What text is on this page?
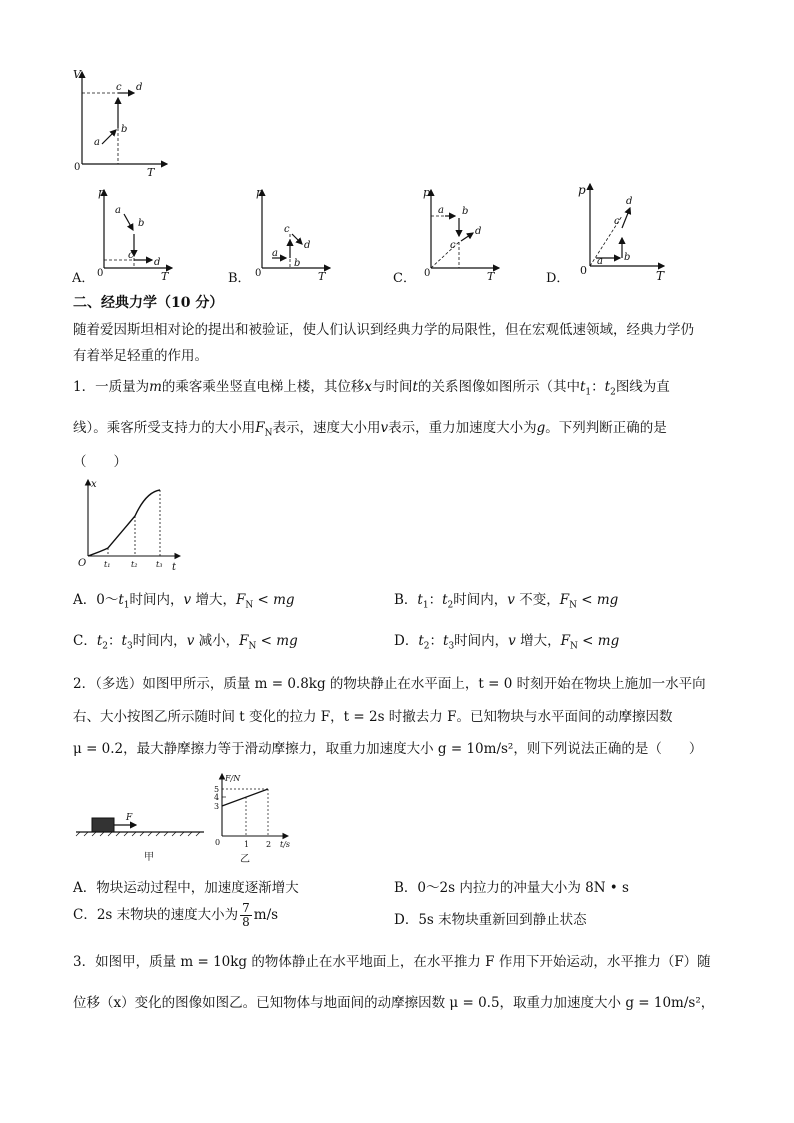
V
T
0
a
b
c d
A．
p
T
0
a
b
c
d
B．
p
T
0
a
b
c
d
C．
p
T
0
a b
c
d
D．
p
T
0
a b
c
d
二、经典力学（10 分）
随着爱因斯坦相对论的提出和被验证，使人们认识到经典力学的局限性，但在宏观低速领域，经典力学仍
有着举足轻重的作用。
1．一质量为m的乘客乘坐竖直电梯上楼，其位移x与时间t的关系图像如图所示（其中$t_1$：$t_2$图线为直
线）。乘客所受支持力的大小用$F_N$表示，速度大小用v表示，重力加速度大小为g。下列判断正确的是
（　　）
x
t
O t₁	t₂ t₃
A．$0\sim t_1$时间内，v 增大，$F_N$ < mg	B．$t_1$：$t_2$时间内，v 不变，$F_N$ < mg
C．$t_2$：$t_3$时间内，v 减小，$F_N$ < mg	D．$t_2$：$t_3$时间内，v 增大，$F_N$ < mg
2．（多选）如图甲所示，质量 m = 0.8kg 的物块静止在水平面上，t = 0 时刻开始在物块上施加一水平向
右、大小按图乙所示随时间 t 变化的拉力 F，t = 2s 时撤去力 F。已知物块与水平面间的动摩擦因数
μ = 0.2，最大静摩擦力等于滑动摩擦力，取重力加速度大小 g = 10m/s²，则下列说法正确的是（　　）
F
甲
F/N
t/s
5
4
3
0	1 2
乙
A．物块运动过程中，加速度逐渐增大	B．0～2s 内拉力的冲量大小为 8N • s
C．2s 末物块的速度大小为 $\frac{7}{8} m/s$	D．5s 末物块重新回到静止状态
3．如图甲，质量 m = 10kg 的物体静止在水平地面上，在水平推力 F 作用下开始运动，水平推力（F）随
位移（x）变化的图像如图乙。已知物体与地面间的动摩擦因数 μ = 0.5，取重力加速度大小 g = 10m/s²，
